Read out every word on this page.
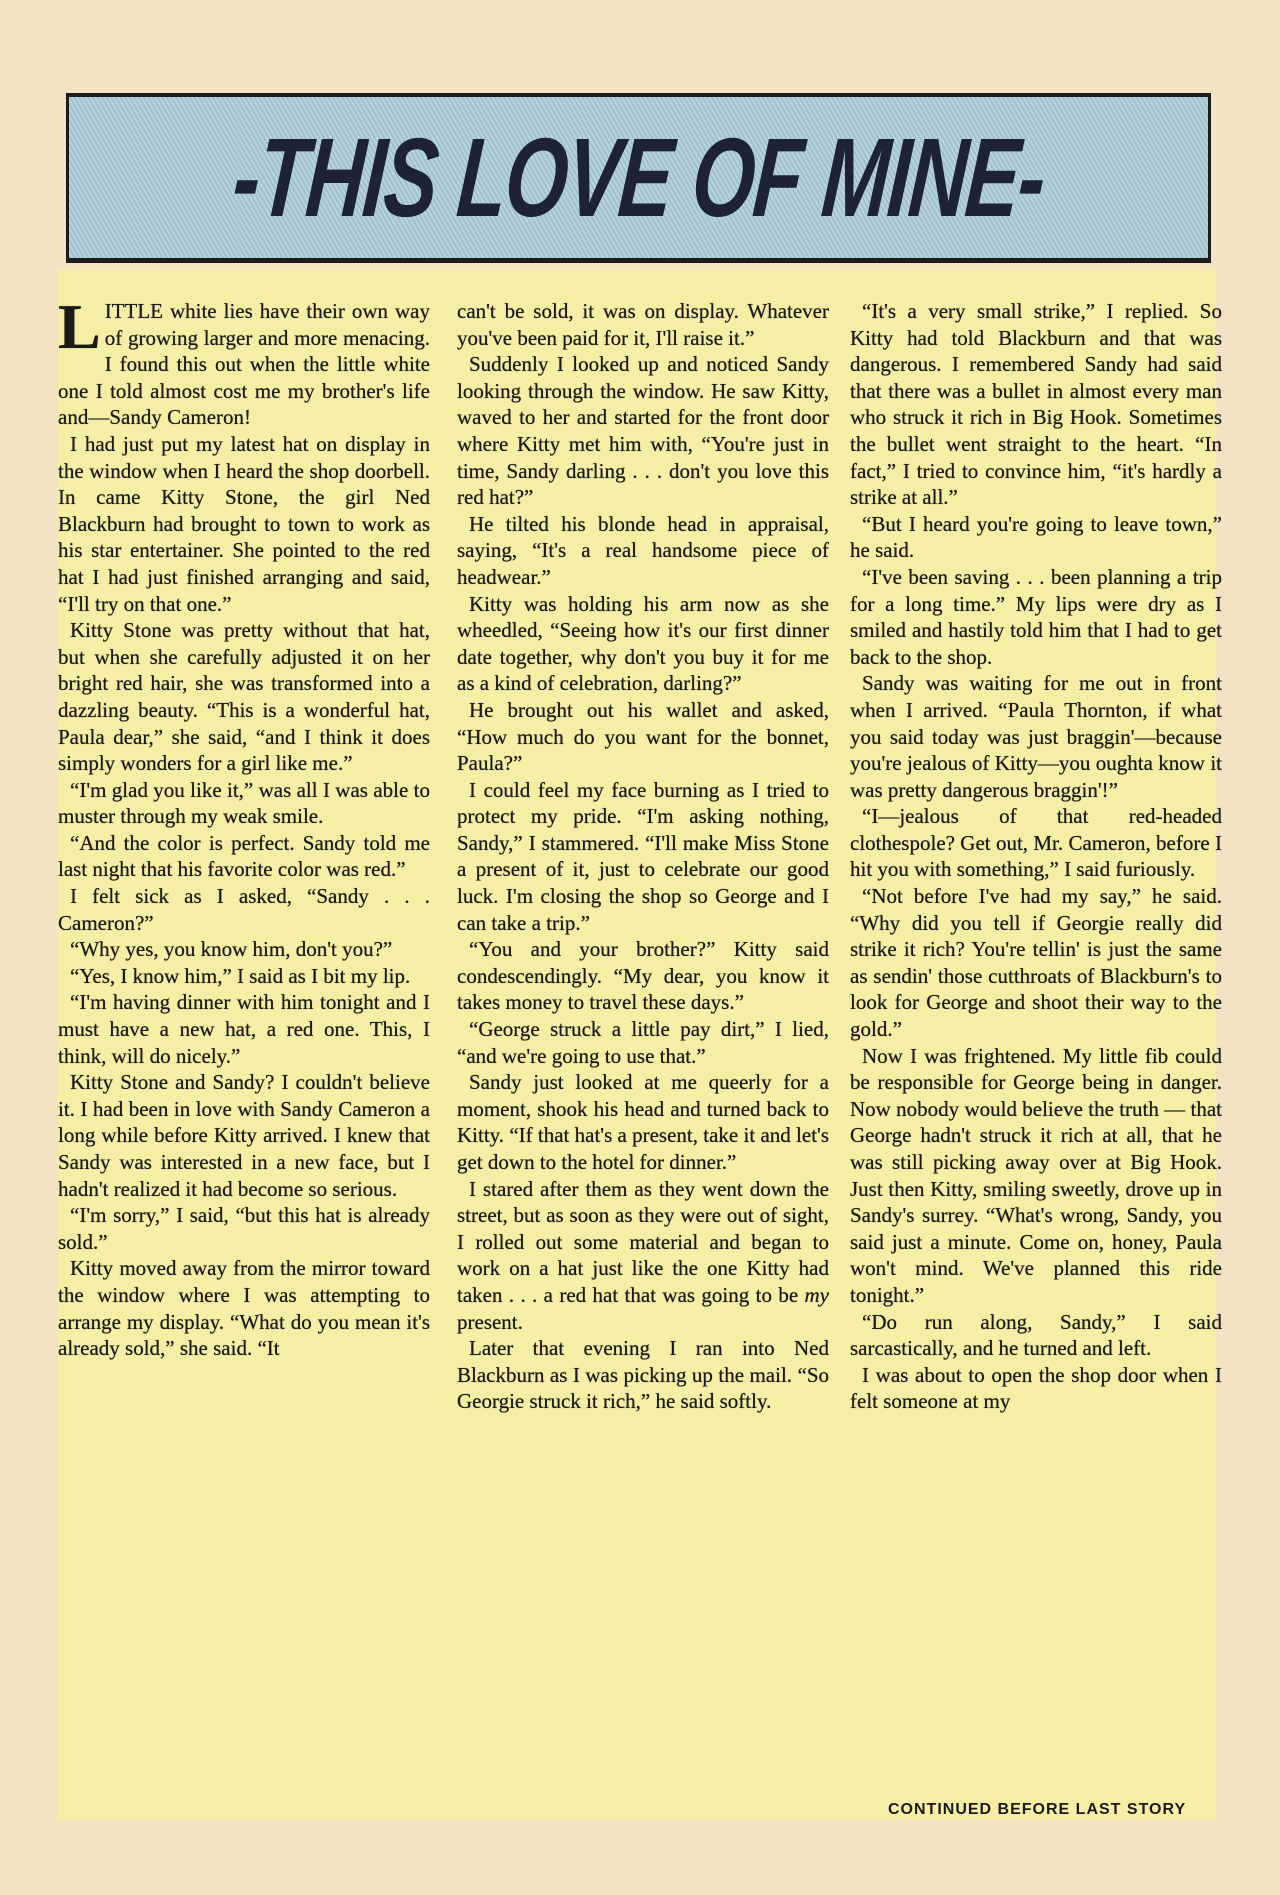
-THIS LOVE OF MINE-

LITTLE white lies have their own way of growing larger and more menacing. I found this out when the little white one I told almost cost me my brother's life and—Sandy Cameron!

I had just put my latest hat on display in the window when I heard the shop doorbell. In came Kitty Stone, the girl Ned Blackburn had brought to town to work as his star entertainer. She pointed to the red hat I had just finished arranging and said, “I'll try on that one.”

Kitty Stone was pretty without that hat, but when she carefully adjusted it on her bright red hair, she was transformed into a dazzling beauty. “This is a wonderful hat, Paula dear,” she said, “and I think it does simply wonders for a girl like me.”

“I'm glad you like it,” was all I was able to muster through my weak smile.

“And the color is perfect. Sandy told me last night that his favorite color was red.”

I felt sick as I asked, “Sandy . . . Cameron?”

“Why yes, you know him, don't you?”

“Yes, I know him,” I said as I bit my lip.

“I'm having dinner with him tonight and I must have a new hat, a red one. This, I think, will do nicely.”

Kitty Stone and Sandy? I couldn't believe it. I had been in love with Sandy Cameron a long while before Kitty arrived. I knew that Sandy was interested in a new face, but I hadn't realized it had become so serious.

“I'm sorry,” I said, “but this hat is already sold.”

Kitty moved away from the mirror toward the window where I was attempting to arrange my display. “What do you mean it's already sold,” she said. “It

can't be sold, it was on display. Whatever you've been paid for it, I'll raise it.”

Suddenly I looked up and noticed Sandy looking through the window. He saw Kitty, waved to her and started for the front door where Kitty met him with, “You're just in time, Sandy darling . . . don't you love this red hat?”

He tilted his blonde head in appraisal, saying, “It's a real handsome piece of headwear.”

Kitty was holding his arm now as she wheedled, “Seeing how it's our first dinner date together, why don't you buy it for me as a kind of celebration, darling?”

He brought out his wallet and asked, “How much do you want for the bonnet, Paula?”

I could feel my face burning as I tried to protect my pride. “I'm asking nothing, Sandy,” I stammered. “I'll make Miss Stone a present of it, just to celebrate our good luck. I'm closing the shop so George and I can take a trip.”

“You and your brother?” Kitty said condescendingly. “My dear, you know it takes money to travel these days.”

“George struck a little pay dirt,” I lied, “and we're going to use that.”

Sandy just looked at me queerly for a moment, shook his head and turned back to Kitty. “If that hat's a present, take it and let's get down to the hotel for dinner.”

I stared after them as they went down the street, but as soon as they were out of sight, I rolled out some material and began to work on a hat just like the one Kitty had taken . . . a red hat that was going to be my present.

Later that evening I ran into Ned Blackburn as I was picking up the mail. “So Georgie struck it rich,” he said softly.

“It's a very small strike,” I replied. So Kitty had told Blackburn and that was dangerous. I remembered Sandy had said that there was a bullet in almost every man who struck it rich in Big Hook. Sometimes the bullet went straight to the heart. “In fact,” I tried to convince him, “it's hardly a strike at all.”

“But I heard you're going to leave town,” he said.

“I've been saving . . . been planning a trip for a long time.” My lips were dry as I smiled and hastily told him that I had to get back to the shop.

Sandy was waiting for me out in front when I arrived. “Paula Thornton, if what you said today was just braggin'—because you're jealous of Kitty—you oughta know it was pretty dangerous braggin'!”

“I—jealous of that red-headed clothespole? Get out, Mr. Cameron, before I hit you with something,” I said furiously.

“Not before I've had my say,” he said. “Why did you tell if Georgie really did strike it rich? You're tellin' is just the same as sendin' those cutthroats of Blackburn's to look for George and shoot their way to the gold.”

Now I was frightened. My little fib could be responsible for George being in danger. Now nobody would believe the truth — that George hadn't struck it rich at all, that he was still picking away over at Big Hook. Just then Kitty, smiling sweetly, drove up in Sandy's surrey. “What's wrong, Sandy, you said just a minute. Come on, honey, Paula won't mind. We've planned this ride tonight.”

“Do run along, Sandy,” I said sarcastically, and he turned and left.

I was about to open the shop door when I felt someone at my

CONTINUED BEFORE LAST STORY
